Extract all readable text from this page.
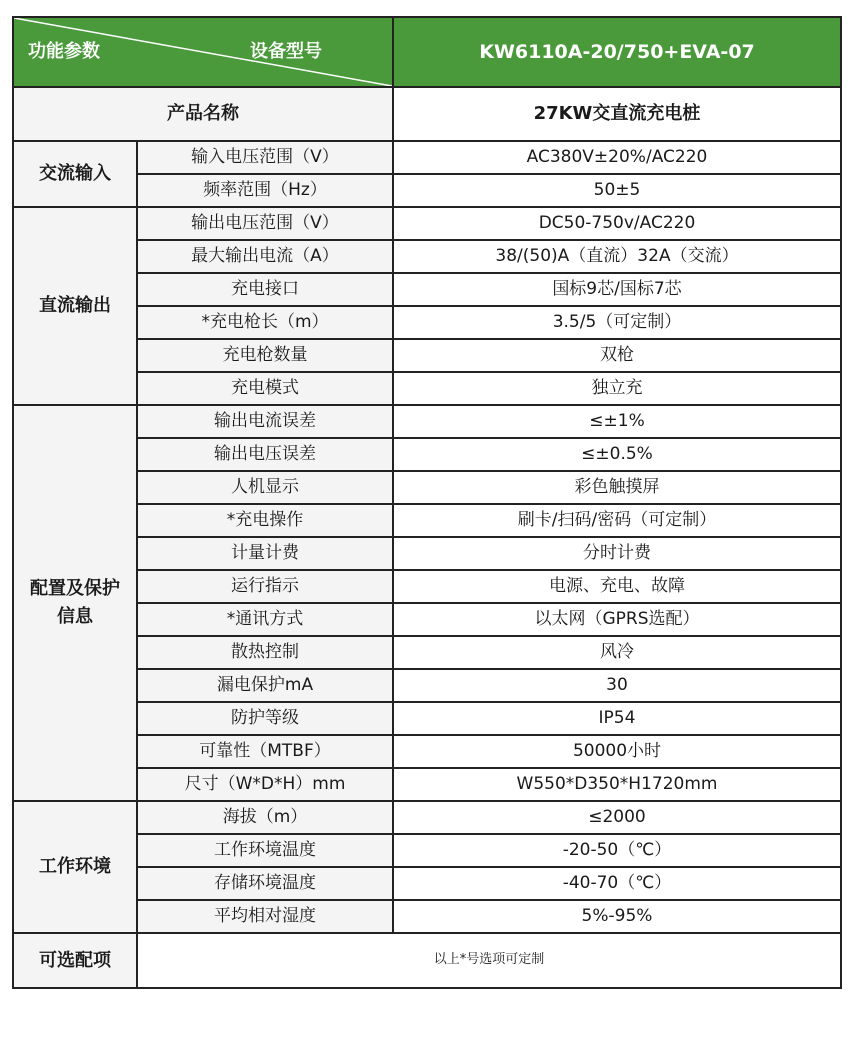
功能参数 设备型号		KW6110A-20/750+EVA-07
产品名称		27KW交直流充电桩
交流输入	输入电压范围（V）	AC380V±20%/AC220
	频率范围（Hz）	50±5
直流输出	输出电压范围（V）	DC50-750v/AC220
	最大输出电流（A）	38/(50)A（直流）32A（交流）
	充电接口	国标9芯/国标7芯
	*充电枪长（m）	3.5/5（可定制）
	充电枪数量	双枪
	充电模式	独立充
配置及保护
信息	输出电流误差	≤±1%
	输出电压误差	≤±0.5%
	人机显示	彩色触摸屏
	*充电操作	刷卡/扫码/密码（可定制）
	计量计费	分时计费
	运行指示	电源、充电、故障
	*通讯方式	以太网（GPRS选配）
	散热控制	风冷
	漏电保护mA	30
	防护等级	IP54
	可靠性（MTBF）	50000小时
	尺寸（W*D*H）mm	W550*D350*H1720mm
工作环境	海拔（m）	≤2000
	工作环境温度	-20-50（℃）
	存储环境温度	-40-70（℃）
	平均相对湿度	5%-95%
可选配项	以上*号选项可定制	
